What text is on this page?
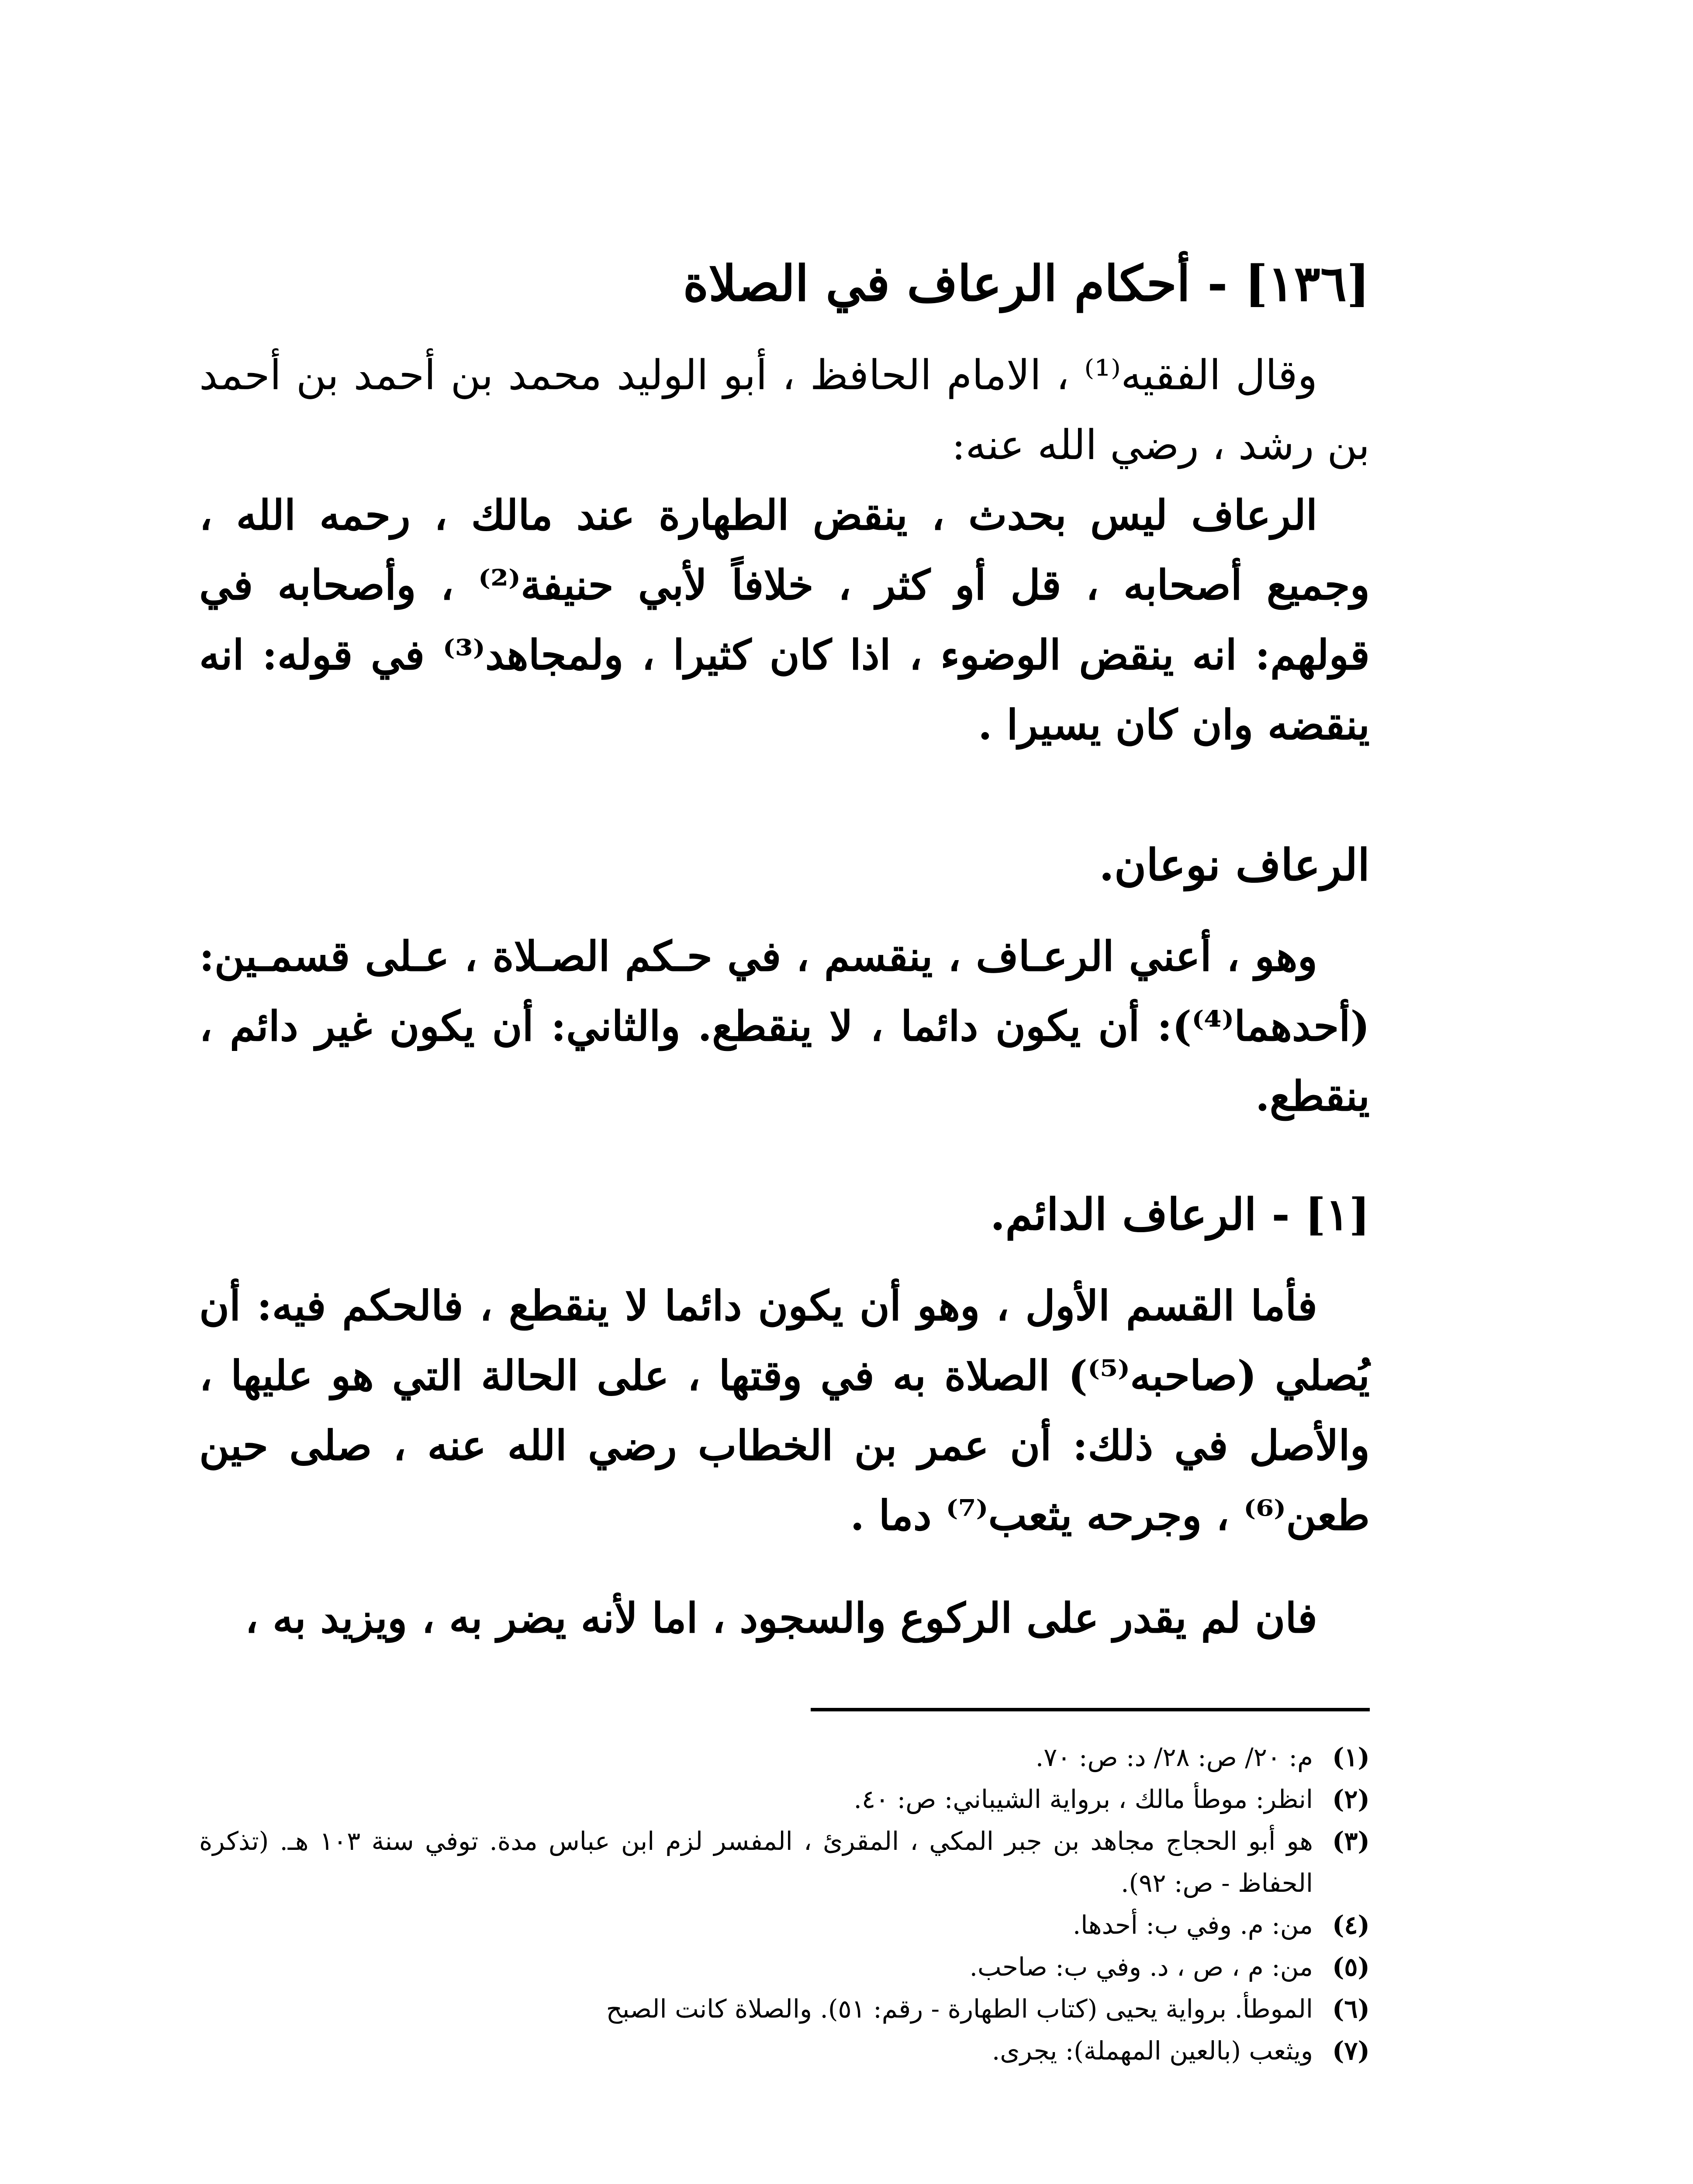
[١٣٦] - أحكام الرعاف في الصلاة
وقال الفقيه⁽¹⁾ ، الامام الحافظ ، أبو الوليد محمد بن أحمد بن أحمد بن رشد ، رضي الله عنه:
الرعاف ليس بحدث ، ينقض الطهارة عند مالك ، رحمه الله ، وجميع أصحابه ، قل أو كثر ، خلافاً لأبي حنيفة⁽²⁾ ، وأصحابه في قولهم: انه ينقض الوضوء ، اذا كان كثيرا ، ولمجاهد⁽³⁾ في قوله: انه ينقضه وان كان يسيرا .
الرعاف نوعان.
وهو ، أعني الرعـاف ، ينقسم ، في حـكم الصـلاة ، عـلى قسمـين: (أحدهما⁽⁴⁾): أن يكون دائما ، لا ينقطع. والثاني: أن يكون غير دائم ، ينقطع.
[١] - الرعاف الدائم.
فأما القسم الأول ، وهو أن يكون دائما لا ينقطع ، فالحكم فيه: أن يُصلي (صاحبه⁽⁵⁾) الصلاة به في وقتها ، على الحالة التي هو عليها ، والأصل في ذلك: أن عمر بن الخطاب رضي الله عنه ، صلى حين طعن⁽⁶⁾ ، وجرحه يثعب⁽⁷⁾ دما .
فان لم يقدر على الركوع والسجود ، اما لأنه يضر به ، ويزيد به ،
(١)
م: ٢٠/ ص: ٢٨/ د: ص: ٧٠.
(٢)
انظر: موطأ مالك ، برواية الشيباني: ص: ٤٠.
(٣)
هو أبو الحجاج مجاهد بن جبر المكي ، المقرئ ، المفسر لزم ابن عباس مدة. توفي سنة ١٠٣ هـ. (تذكرة الحفاظ - ص: ٩٢).
(٤)
من: م. وفي ب: أحدها.
(٥)
من: م ، ص ، د. وفي ب: صاحب.
(٦)
الموطأ. برواية يحيى (كتاب الطهارة - رقم: ٥١). والصلاة كانت الصبح
(٧)
ويثعب (بالعين المهملة): يجرى.
